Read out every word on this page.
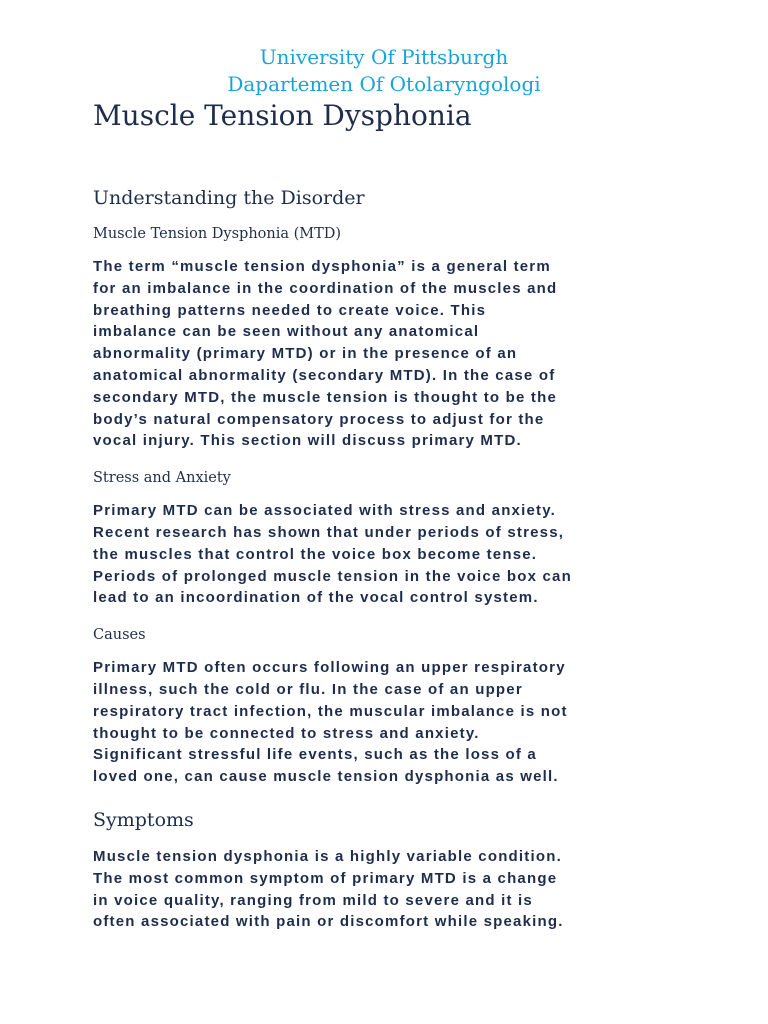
University Of Pittsburgh
Dapartemen Of Otolaryngologi
Muscle Tension Dysphonia
Understanding the Disorder
Muscle Tension Dysphonia (MTD)
The term “muscle tension dysphonia” is a general term
for an imbalance in the coordination of the muscles and
breathing patterns needed to create voice. This
imbalance can be seen without any anatomical
abnormality (primary MTD) or in the presence of an
anatomical abnormality (secondary MTD). In the case of
secondary MTD, the muscle tension is thought to be the
body’s natural compensatory process to adjust for the
vocal injury. This section will discuss primary MTD.
Stress and Anxiety
Primary MTD can be associated with stress and anxiety.
Recent research has shown that under periods of stress,
the muscles that control the voice box become tense.
Periods of prolonged muscle tension in the voice box can
lead to an incoordination of the vocal control system.
Causes
Primary MTD often occurs following an upper respiratory
illness, such the cold or flu. In the case of an upper
respiratory tract infection, the muscular imbalance is not
thought to be connected to stress and anxiety.
Significant stressful life events, such as the loss of a
loved one, can cause muscle tension dysphonia as well.
Symptoms
Muscle tension dysphonia is a highly variable condition.
The most common symptom of primary MTD is a change
in voice quality, ranging from mild to severe and it is
often associated with pain or discomfort while speaking.
